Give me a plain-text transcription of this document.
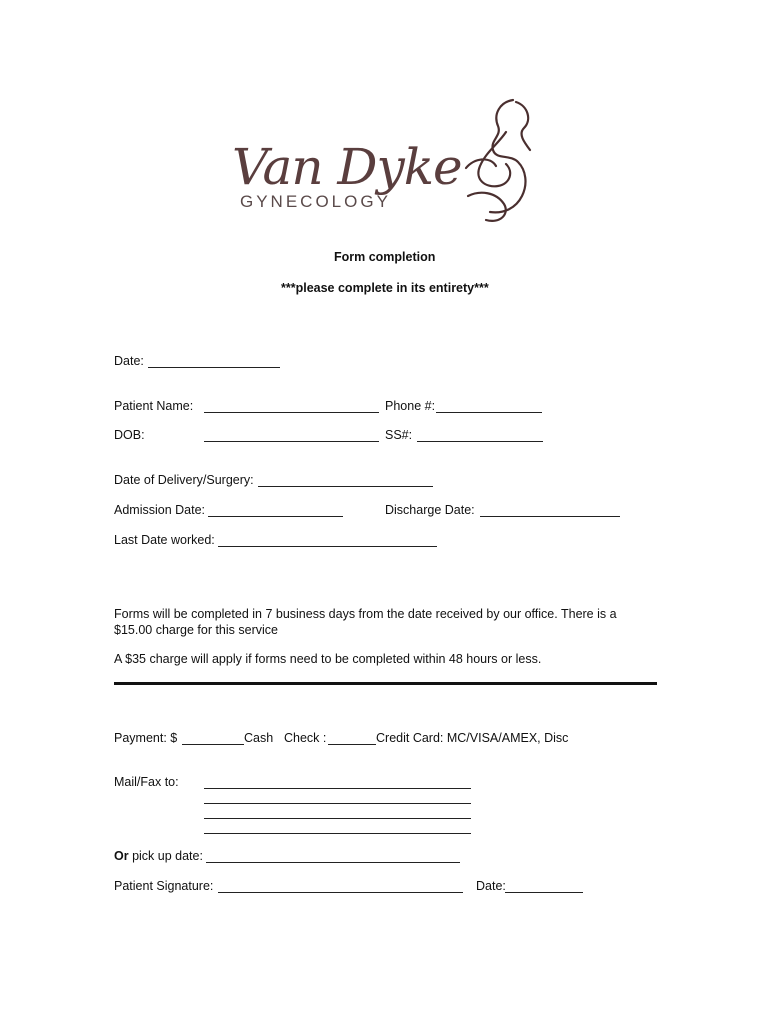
Van Dyke
GYNECOLOGY
Form completion
***please complete in its entirety***
Date:
Patient Name:	Phone #:
DOB:	SS#:
Date of Delivery/Surgery:
Admission Date:	Discharge Date:
Last Date worked:
Forms will be completed in 7 business days from the date received by our office. There is a
$15.00 charge for this service
A $35 charge will apply if forms need to be completed within 48 hours or less.
Payment: $	Cash Check :	Credit Card: MC/VISA/AMEX, Disc
Mail/Fax to:
Or pick up date:
Patient Signature:	Date:
